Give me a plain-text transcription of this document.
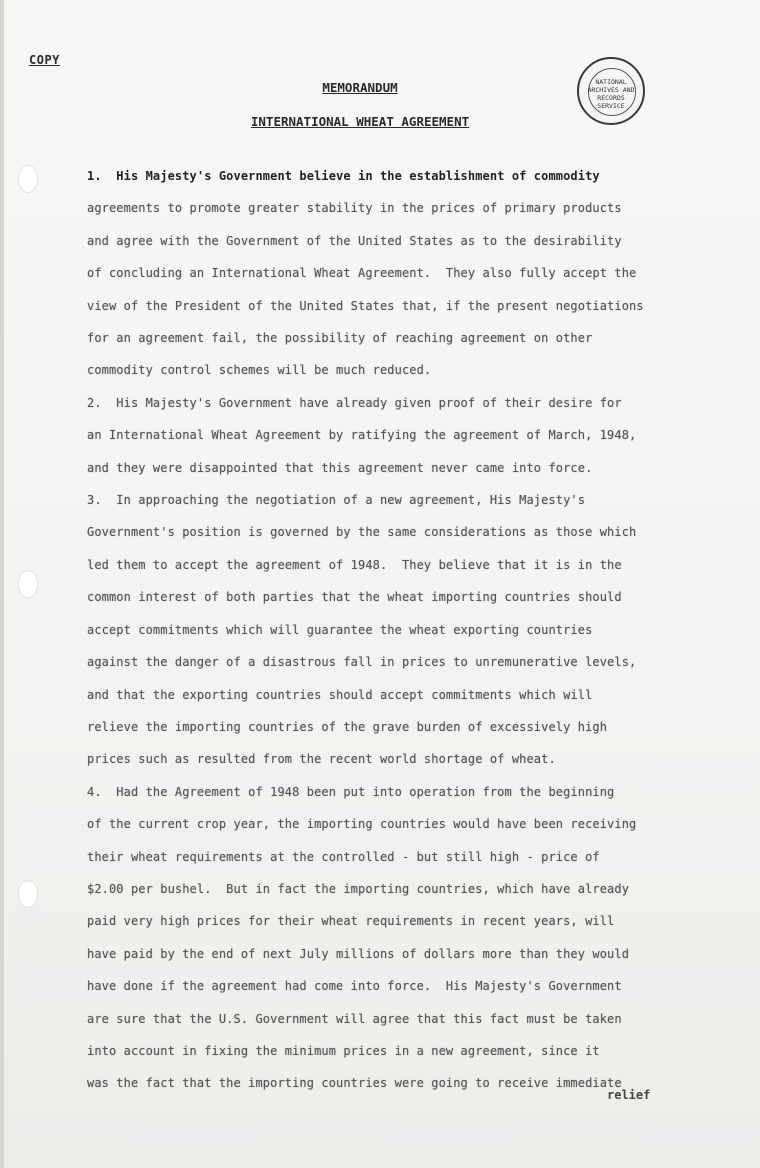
COPY
NATIONAL ARCHIVES AND RECORDS SERVICE
MEMORANDUM
INTERNATIONAL WHEAT AGREEMENT
1.  His Majesty's Government believe in the establishment of commodity
agreements to promote greater stability in the prices of primary products
and agree with the Government of the United States as to the desirability
of concluding an International Wheat Agreement.  They also fully accept the
view of the President of the United States that, if the present negotiations
for an agreement fail, the possibility of reaching agreement on other
commodity control schemes will be much reduced.
2.  His Majesty's Government have already given proof of their desire for
an International Wheat Agreement by ratifying the agreement of March, 1948,
and they were disappointed that this agreement never came into force.
3.  In approaching the negotiation of a new agreement, His Majesty's
Government's position is governed by the same considerations as those which
led them to accept the agreement of 1948.  They believe that it is in the
common interest of both parties that the wheat importing countries should
accept commitments which will guarantee the wheat exporting countries
against the danger of a disastrous fall in prices to unremunerative levels,
and that the exporting countries should accept commitments which will
relieve the importing countries of the grave burden of excessively high
prices such as resulted from the recent world shortage of wheat.
4.  Had the Agreement of 1948 been put into operation from the beginning
of the current crop year, the importing countries would have been receiving
their wheat requirements at the controlled - but still high - price of
$2.00 per bushel.  But in fact the importing countries, which have already
paid very high prices for their wheat requirements in recent years, will
have paid by the end of next July millions of dollars more than they would
have done if the agreement had come into force.  His Majesty's Government
are sure that the U.S. Government will agree that this fact must be taken
into account in fixing the minimum prices in a new agreement, since it
was the fact that the importing countries were going to receive immediate
relief
